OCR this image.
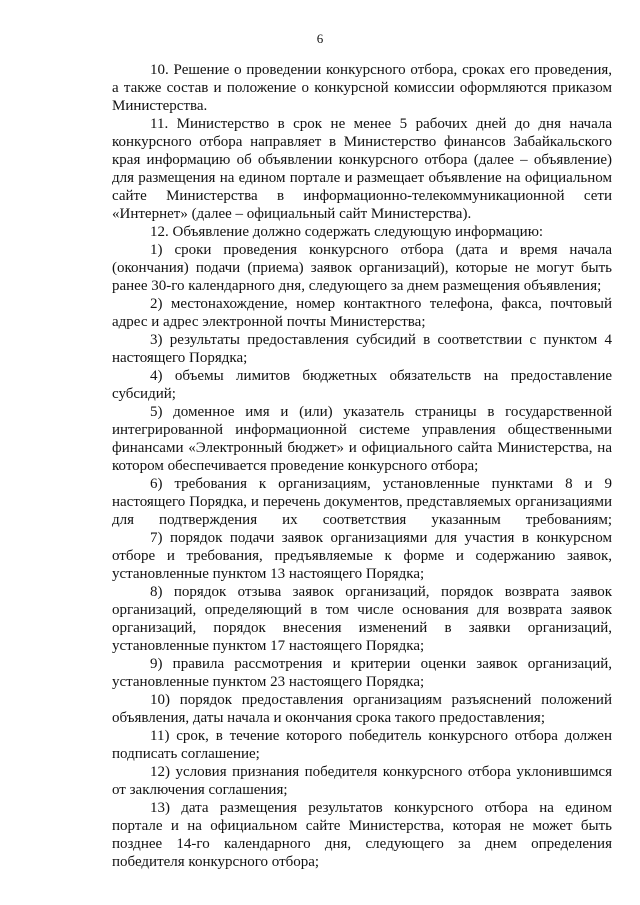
6

10. Решение о проведении конкурсного отбора, сроках его проведения, а также состав и положение о конкурсной комиссии оформляются приказом Министерства.

11. Министерство в срок не менее 5 рабочих дней до дня начала конкурсного отбора направляет в Министерство финансов Забайкальского края информацию об объявлении конкурсного отбора (далее – объявление) для размещения на едином портале и размещает объявление на официальном сайте Министерства в информационно-телекоммуникационной сети «Интернет» (далее – официальный сайт Министерства).

12. Объявление должно содержать следующую информацию:

1) сроки проведения конкурсного отбора (дата и время начала (окончания) подачи (приема) заявок организаций), которые не могут быть ранее 30-го календарного дня, следующего за днем размещения объявления;

2) местонахождение, номер контактного телефона, факса, почтовый адрес и адрес электронной почты Министерства;

3) результаты предоставления субсидий в соответствии с пунктом 4 настоящего Порядка;

4) объемы лимитов бюджетных обязательств на предоставление субсидий;

5) доменное имя и (или) указатель страницы в государственной интегрированной информационной системе управления общественными финансами «Электронный бюджет» и официального сайта Министерства, на котором обеспечивается проведение конкурсного отбора;

6) требования к организациям, установленные пунктами 8 и 9 настоящего Порядка, и перечень документов, представляемых организациями для подтверждения их соответствия указанным требованиям;

7) порядок подачи заявок организациями для участия в конкурсном отборе и требования, предъявляемые к форме и содержанию заявок, установленные пунктом 13 настоящего Порядка;

8) порядок отзыва заявок организаций, порядок возврата заявок организаций, определяющий в том числе основания для возврата заявок организаций, порядок внесения изменений в заявки организаций, установленные пунктом 17 настоящего Порядка;

9) правила рассмотрения и критерии оценки заявок организаций, установленные пунктом 23 настоящего Порядка;

10) порядок предоставления организациям разъяснений положений объявления, даты начала и окончания срока такого предоставления;

11) срок, в течение которого победитель конкурсного отбора должен подписать соглашение;

12) условия признания победителя конкурсного отбора уклонившимся от заключения соглашения;

13) дата размещения результатов конкурсного отбора на едином портале и на официальном сайте Министерства, которая не может быть позднее 14-го календарного дня, следующего за днем определения победителя конкурсного отбора;
